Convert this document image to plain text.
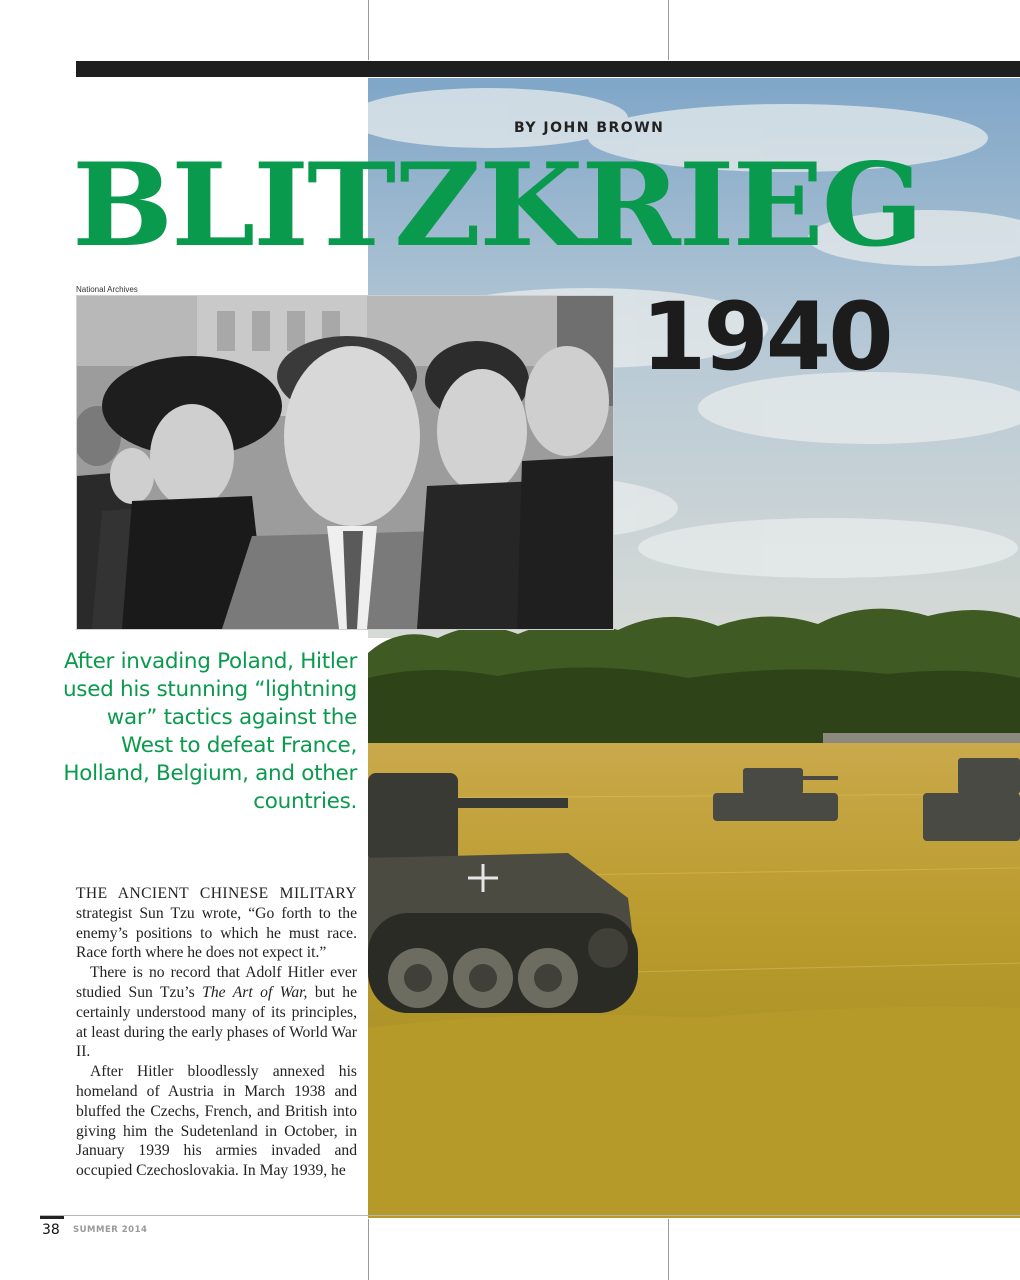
BY JOHN BROWN
BLITZKRIEG
National Archives	1940
After invading Poland, Hitler used his stunning “lightning war” tactics against the West to defeat France, Holland, Belgium, and other countries.

THE ANCIENT CHINESE MILITARY strategist Sun Tzu wrote, “Go forth to the enemy’s positions to which he must race. Race forth where he does not expect it.”

There is no record that Adolf Hitler ever studied Sun Tzu’s The Art of War, but he certainly understood many of its principles, at least during the early phases of World War II.

After Hitler bloodlessly annexed his homeland of Austria in March 1938 and bluffed the Czechs, French, and British into giving him the Sudetenland in October, in January 1939 his armies invaded and occupied Czechoslovakia. In May 1939, he

38 SUMMER 2014
